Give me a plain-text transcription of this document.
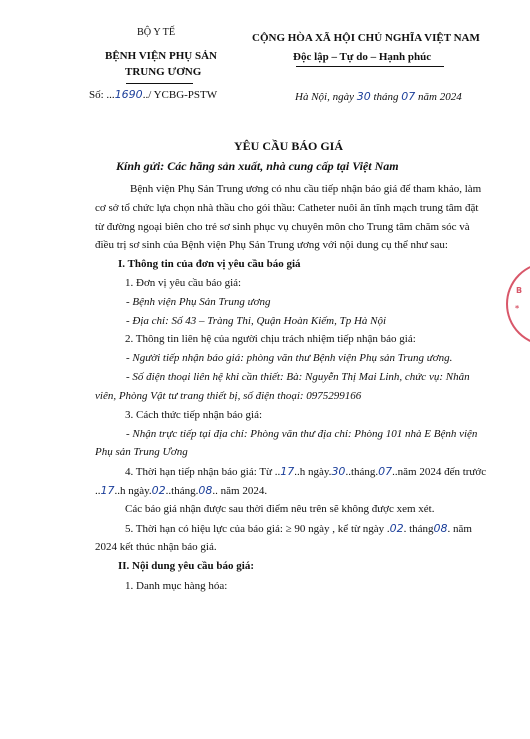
BỘ Y TẾ
BỆNH VIỆN PHỤ SẢN
TRUNG ƯƠNG
Số: ...1690../ YCBG-PSTW
CỘNG HÒA XÃ HỘI CHỦ NGHĨA VIỆT NAM
Độc lập – Tự do – Hạnh phúc
Hà Nội, ngày 30 tháng 07 năm 2024
YÊU CẦU BÁO GIÁ
Kính gửi: Các hãng sản xuất, nhà cung cấp tại Việt Nam
Bệnh viện Phụ Sản Trung ương có nhu cầu tiếp nhận báo giá để tham khảo, làm
cơ sở tổ chức lựa chọn nhà thầu cho gói thầu: Catheter nuôi ăn tĩnh mạch trung tâm đặt
từ đường ngoại biên cho trẻ sơ sinh phục vụ chuyên môn cho Trung tâm chăm sóc và
điều trị sơ sinh của Bệnh viện Phụ Sản Trung ương với nội dung cụ thể như sau:
I. Thông tin của đơn vị yêu cầu báo giá
1. Đơn vị yêu cầu báo giá:
- Bệnh viện Phụ Sản Trung ương
- Địa chỉ: Số 43 – Tràng Thi, Quận Hoàn Kiếm, Tp Hà Nội
2. Thông tin liên hệ của người chịu trách nhiệm tiếp nhận báo giá:
- Người tiếp nhận báo giá: phòng văn thư Bệnh viện Phụ sản Trung ương.
- Số điện thoại liên hệ khi cần thiết: Bà: Nguyễn Thị Mai Linh, chức vụ: Nhân
viên, Phòng Vật tư trang thiết bị, số điện thoại: 0975299166
3. Cách thức tiếp nhận báo giá:
- Nhận trực tiếp tại địa chỉ: Phòng văn thư địa chỉ: Phòng 101 nhà E Bệnh viện
Phụ sản Trung Ương
4. Thời hạn tiếp nhận báo giá: Từ ..17..h ngày.30..tháng.07..năm 2024 đến trước
..17..h ngày.02..tháng.08.. năm 2024.
Các báo giá nhận được sau thời điểm nêu trên sẽ không được xem xét.
5. Thời hạn có hiệu lực của báo giá: ≥ 90 ngày , kể từ ngày .02. tháng08. năm
2024 kết thúc nhận báo giá.
II. Nội dung yêu cầu báo giá:
1. Danh mục hàng hóa:
B
*
